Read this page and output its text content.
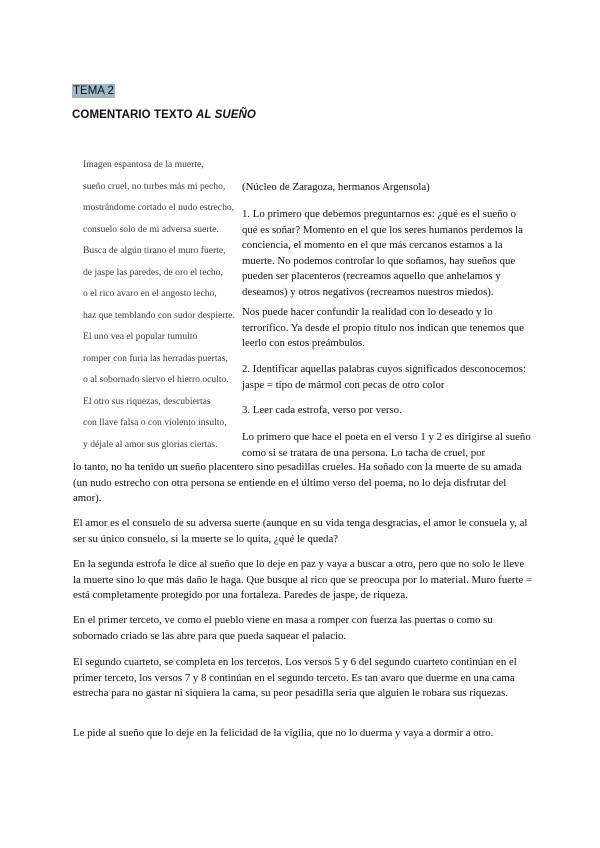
TEMA 2
COMENTARIO TEXTO AL SUEÑO
Imagen espantosa de la muerte,
sueño cruel, no turbes más mi pecho,
mostrándome cortado el nudo estrecho,
consuelo solo de mi adversa suerte.
Busca de algún tirano el muro fuerte,
de jaspe las paredes, de oro el techo,
o el rico avaro en el angosto lecho,
haz que temblando con sudor despierte.
El uno vea el popular tumulto
romper con furia las herradas puertas,
o al sobornado siervo el hierro oculto.
El otro sus riquezas, descubiertas
con llave falsa o con violento insulto,
y déjale al amor sus glorias ciertas.
(Núcleo de Zaragoza, hermanos Argensola)
1. Lo primero que debemos preguntarnos es: ¿qué es el sueño o qué es soñar? Momento en el que los seres humanos perdemos la conciencia, el momento en el que más cercanos estamos a la muerte. No podemos controlar lo que soñamos, hay sueños que pueden ser placenteros (recreamos aquello que anhelamos y deseamos) y otros negativos (recreamos nuestros miedos).
Nos puede hacer confundir la realidad con lo deseado y lo terrorífico. Ya desde el propio título nos indican que tenemos que leerlo con estos preámbulos.
2. Identificar aquellas palabras cuyos significados desconocemos: jaspe = tipo de mármol con pecas de otro color
3. Leer cada estrofa, verso por verso.
Lo primero que hace el poeta en el verso 1 y 2 es dirigirse al sueño como si se tratara de una persona. Lo tacha de cruel, por
lo tanto, no ha tenido un sueño placentero sino pesadillas crueles. Ha soñado con la muerte de su amada (un nudo estrecho con otra persona se entiende en el último verso del poema, no lo deja disfrutar del amor).
El amor es el consuelo de su adversa suerte (aunque en su vida tenga desgracias, el amor le consuela y, al ser su único consuelo, si la muerte se lo quita, ¿qué le queda?
En la segunda estrofa le dice al sueño que lo deje en paz y vaya a buscar a otro, pero que no solo le lleve la muerte sino lo que más daño le haga. Que busque al rico que se preocupa por lo material. Muro fuerte = está completamente protegido por una fortaleza. Paredes de jaspe, de riqueza.
En el primer terceto, ve como el pueblo viene en masa a romper con fuerza las puertas o como su sobornado criado se las abre para que pueda saquear el palacio.
El segundo cuarteto, se completa en los tercetos. Los versos 5 y 6 del segundo cuarteto continúan en el primer terceto, los versos 7 y 8 continúan en el segundo terceto. Es tan avaro que duerme en una cama estrecha para no gastar ni siquiera la cama, su peor pesadilla sería que alguien le robara sus riquezas.
Le pide al sueño que lo deje en la felicidad de la vigilia, que no lo duerma y vaya a dormir a otro.
